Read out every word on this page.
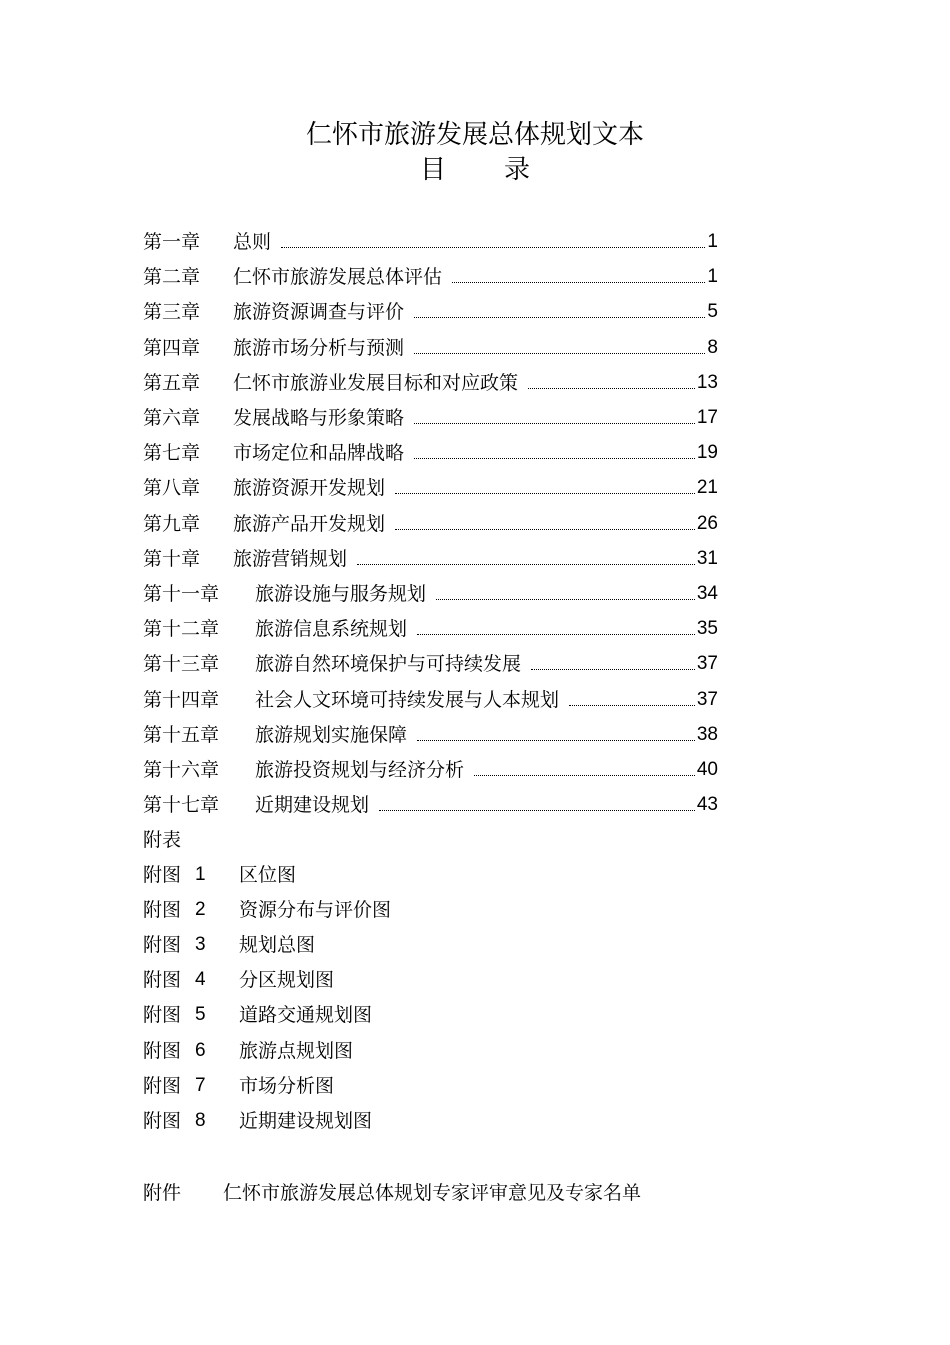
仁怀市旅游发展总体规划文本
目录
第一章 总则	1
第二章 仁怀市旅游发展总体评估	1
第三章 旅游资源调查与评价	5
第四章 旅游市场分析与预测	8
第五章 仁怀市旅游业发展目标和对应政策	13
第六章 发展战略与形象策略	17
第七章 市场定位和品牌战略	19
第八章 旅游资源开发规划	21
第九章 旅游产品开发规划	26
第十章 旅游营销规划	31
第十一章 旅游设施与服务规划	34
第十二章 旅游信息系统规划	35
第十三章 旅游自然环境保护与可持续发展	37
第十四章 社会人文环境可持续发展与人本规划	37
第十五章 旅游规划实施保障	38
第十六章 旅游投资规划与经济分析	40
第十七章 近期建设规划	43
附表
附图 1 区位图
附图 2 资源分布与评价图
附图 3 规划总图
附图 4 分区规划图
附图 5 道路交通规划图
附图 6 旅游点规划图
附图 7 市场分析图
附图 8 近期建设规划图
附件 仁怀市旅游发展总体规划专家评审意见及专家名单
